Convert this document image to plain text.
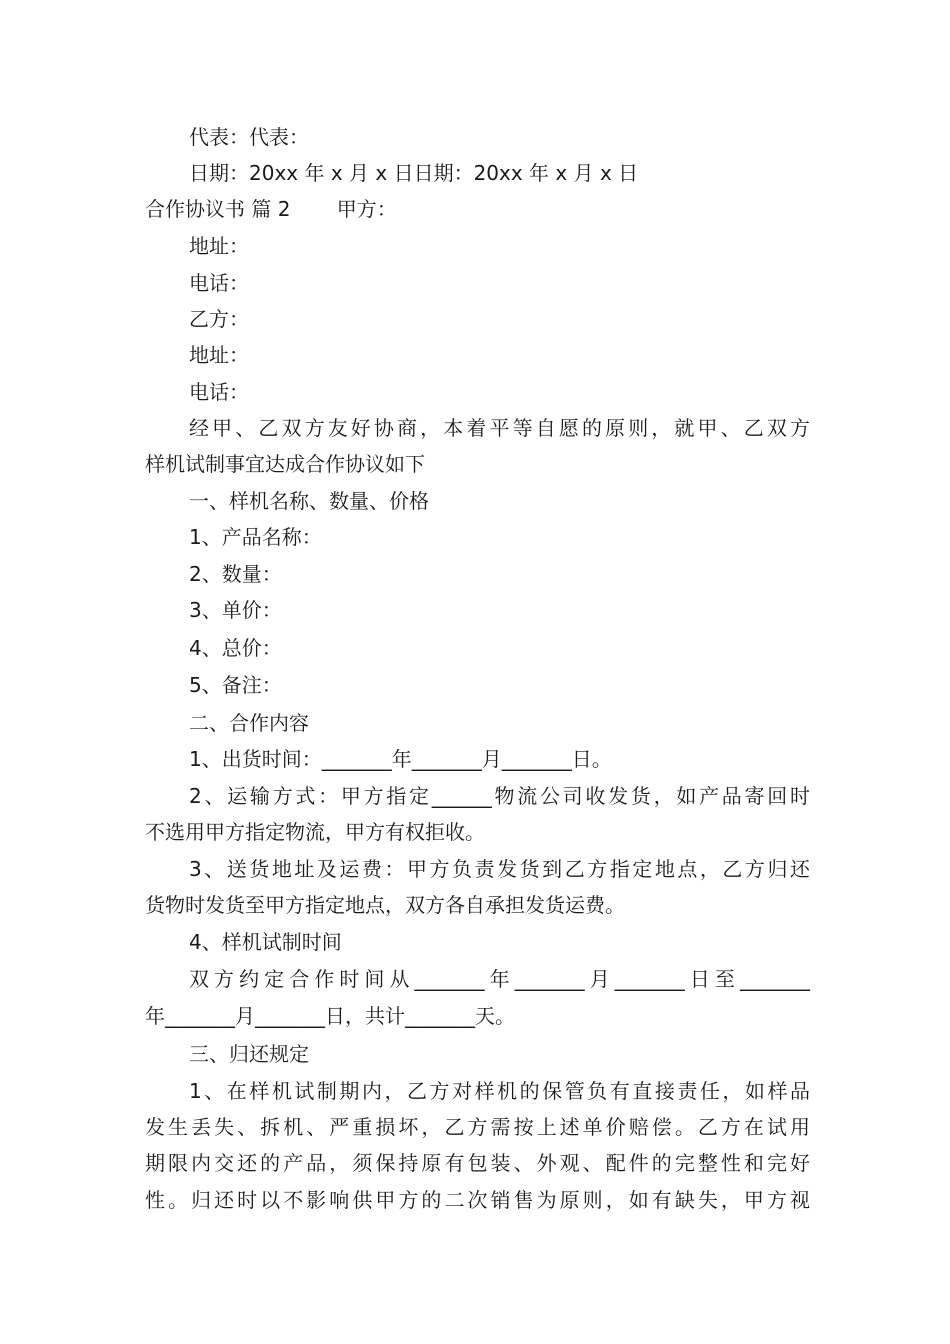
代表：代表：
日期：20xx 年 x 月 x 日日期：20xx 年 x 月 x 日
合作协议书 篇 2　　 甲方：
地址：
电话：
乙方：
地址：
电话：
经甲、乙双方友好协商，本着平等自愿的原则，就甲、乙双方
样机试制事宜达成合作协议如下
一、样机名称、数量、价格
1、产品名称：
2、数量：
3、单价：
4、总价：
5、备注：
二、合作内容
1、出货时间：_______年_______月_______日。
2、运输方式：甲方指定______物流公司收发货，如产品寄回时
不选用甲方指定物流，甲方有权拒收。
3、送货地址及运费：甲方负责发货到乙方指定地点，乙方归还
货物时发货至甲方指定地点，双方各自承担发货运费。
4、样机试制时间
双方约定合作时间从_______年_______月_______日至_______
年_______月_______日，共计_______天。
三、归还规定
1、在样机试制期内，乙方对样机的保管负有直接责任，如样品
发生丢失、拆机、严重损坏，乙方需按上述单价赔偿。乙方在试用
期限内交还的产品，须保持原有包装、外观、配件的完整性和完好
性。归还时以不影响供甲方的二次销售为原则，如有缺失，甲方视
